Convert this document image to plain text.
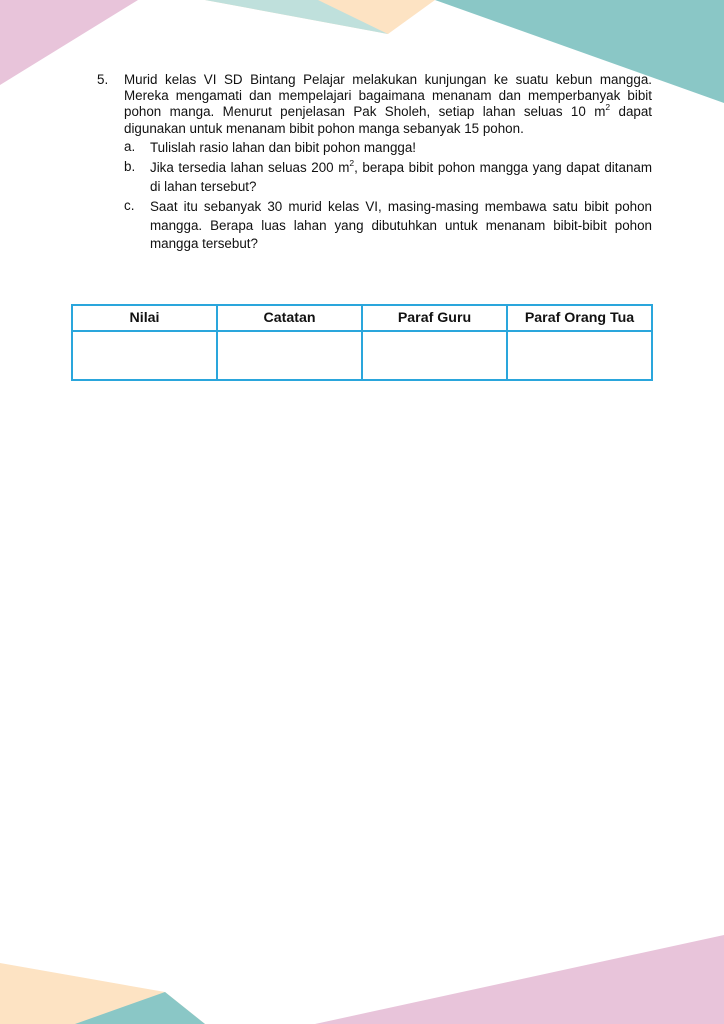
5.	Murid kelas VI SD Bintang Pelajar melakukan kunjungan ke suatu kebun mangga. Mereka mengamati dan mempelajari bagaimana menanam dan memperbanyak bibit pohon manga. Menurut penjelasan Pak Sholeh, setiap lahan seluas 10 $m^2$ dapat digunakan untuk menanam bibit pohon manga sebanyak 15 pohon.
a.	Tulislah rasio lahan dan bibit pohon mangga!
b.	Jika tersedia lahan seluas 200 $m^2$, berapa bibit pohon mangga yang dapat ditanam di lahan tersebut?
c.	Saat itu sebanyak 30 murid kelas VI, masing-masing membawa satu bibit pohon mangga. Berapa luas lahan yang dibutuhkan untuk menanam bibit-bibit pohon mangga tersebut?
Nilai	Catatan	Paraf Guru	Paraf Orang Tua
